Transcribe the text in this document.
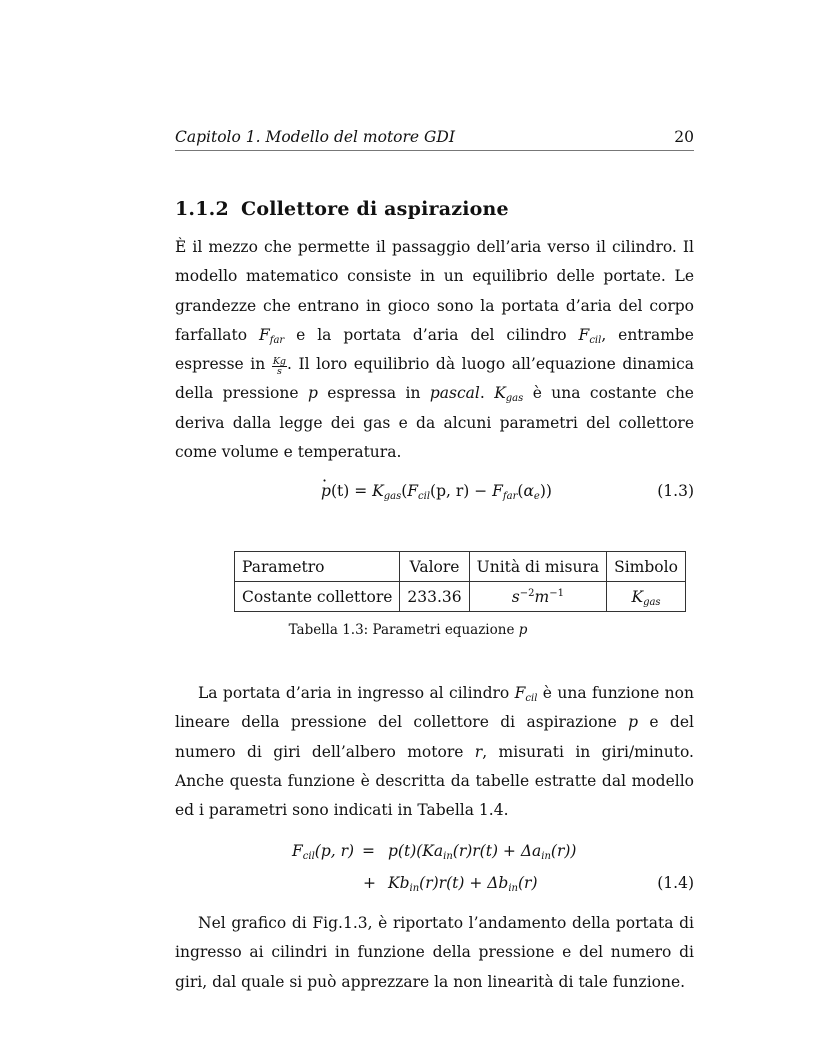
Capitolo 1. Modello del motore GDI	20
1.1.2 Collettore di aspirazione

È il mezzo che permette il passaggio dell’aria verso il cilindro. Il modello matematico consiste in un equilibrio delle portate. Le grandezze che entrano in gioco sono la portata d’aria del corpo farfallato $F_{far}$ e la portata d’aria del cilindro $F_{cil}$, entrambe espresse in $\frac{Kg}{s}$ . Il loro equilibrio dà luogo all’equazione dinamica della pressione p espressa in pascal. $K_{gas}$ è una costante che deriva dalla legge dei gas e da alcuni parametri del collettore come volume e temperatura.

· $p(t) = K_{gas}(F_{cil}(p$, $r) - F_{far}(\alpha_e)$)	(1.3)
Parametro	Valore	Unità di misura	Simbolo
Costante collettore	233.36	$s^{-2}m^{-1}$	$K_{gas}$
Tabella 1.3: Parametri equazione p

La portata d’aria in ingresso al cilindro $F_{cil}$ è una funzione non lineare della pressione del collettore di aspirazione p e del numero di giri dell’albero motore r, misurati in giri/minuto. Anche questa funzione è descritta da tabelle estratte dal modello ed i parametri sono indicati in Tabella 1.4.

$F_{cil}(p$, $r) = p(t)(Ka_{in}(r)r(t) + \Delta a_{in}(r))$
+ $Kb_{in}(r)r(t) + \Delta b_{in}(r)$	(1.4)

Nel grafico di Fig.1.3, è riportato l’andamento della portata di ingresso ai cilindri in funzione della pressione e del numero di giri, dal quale si può apprezzare la non linearità di tale funzione.
